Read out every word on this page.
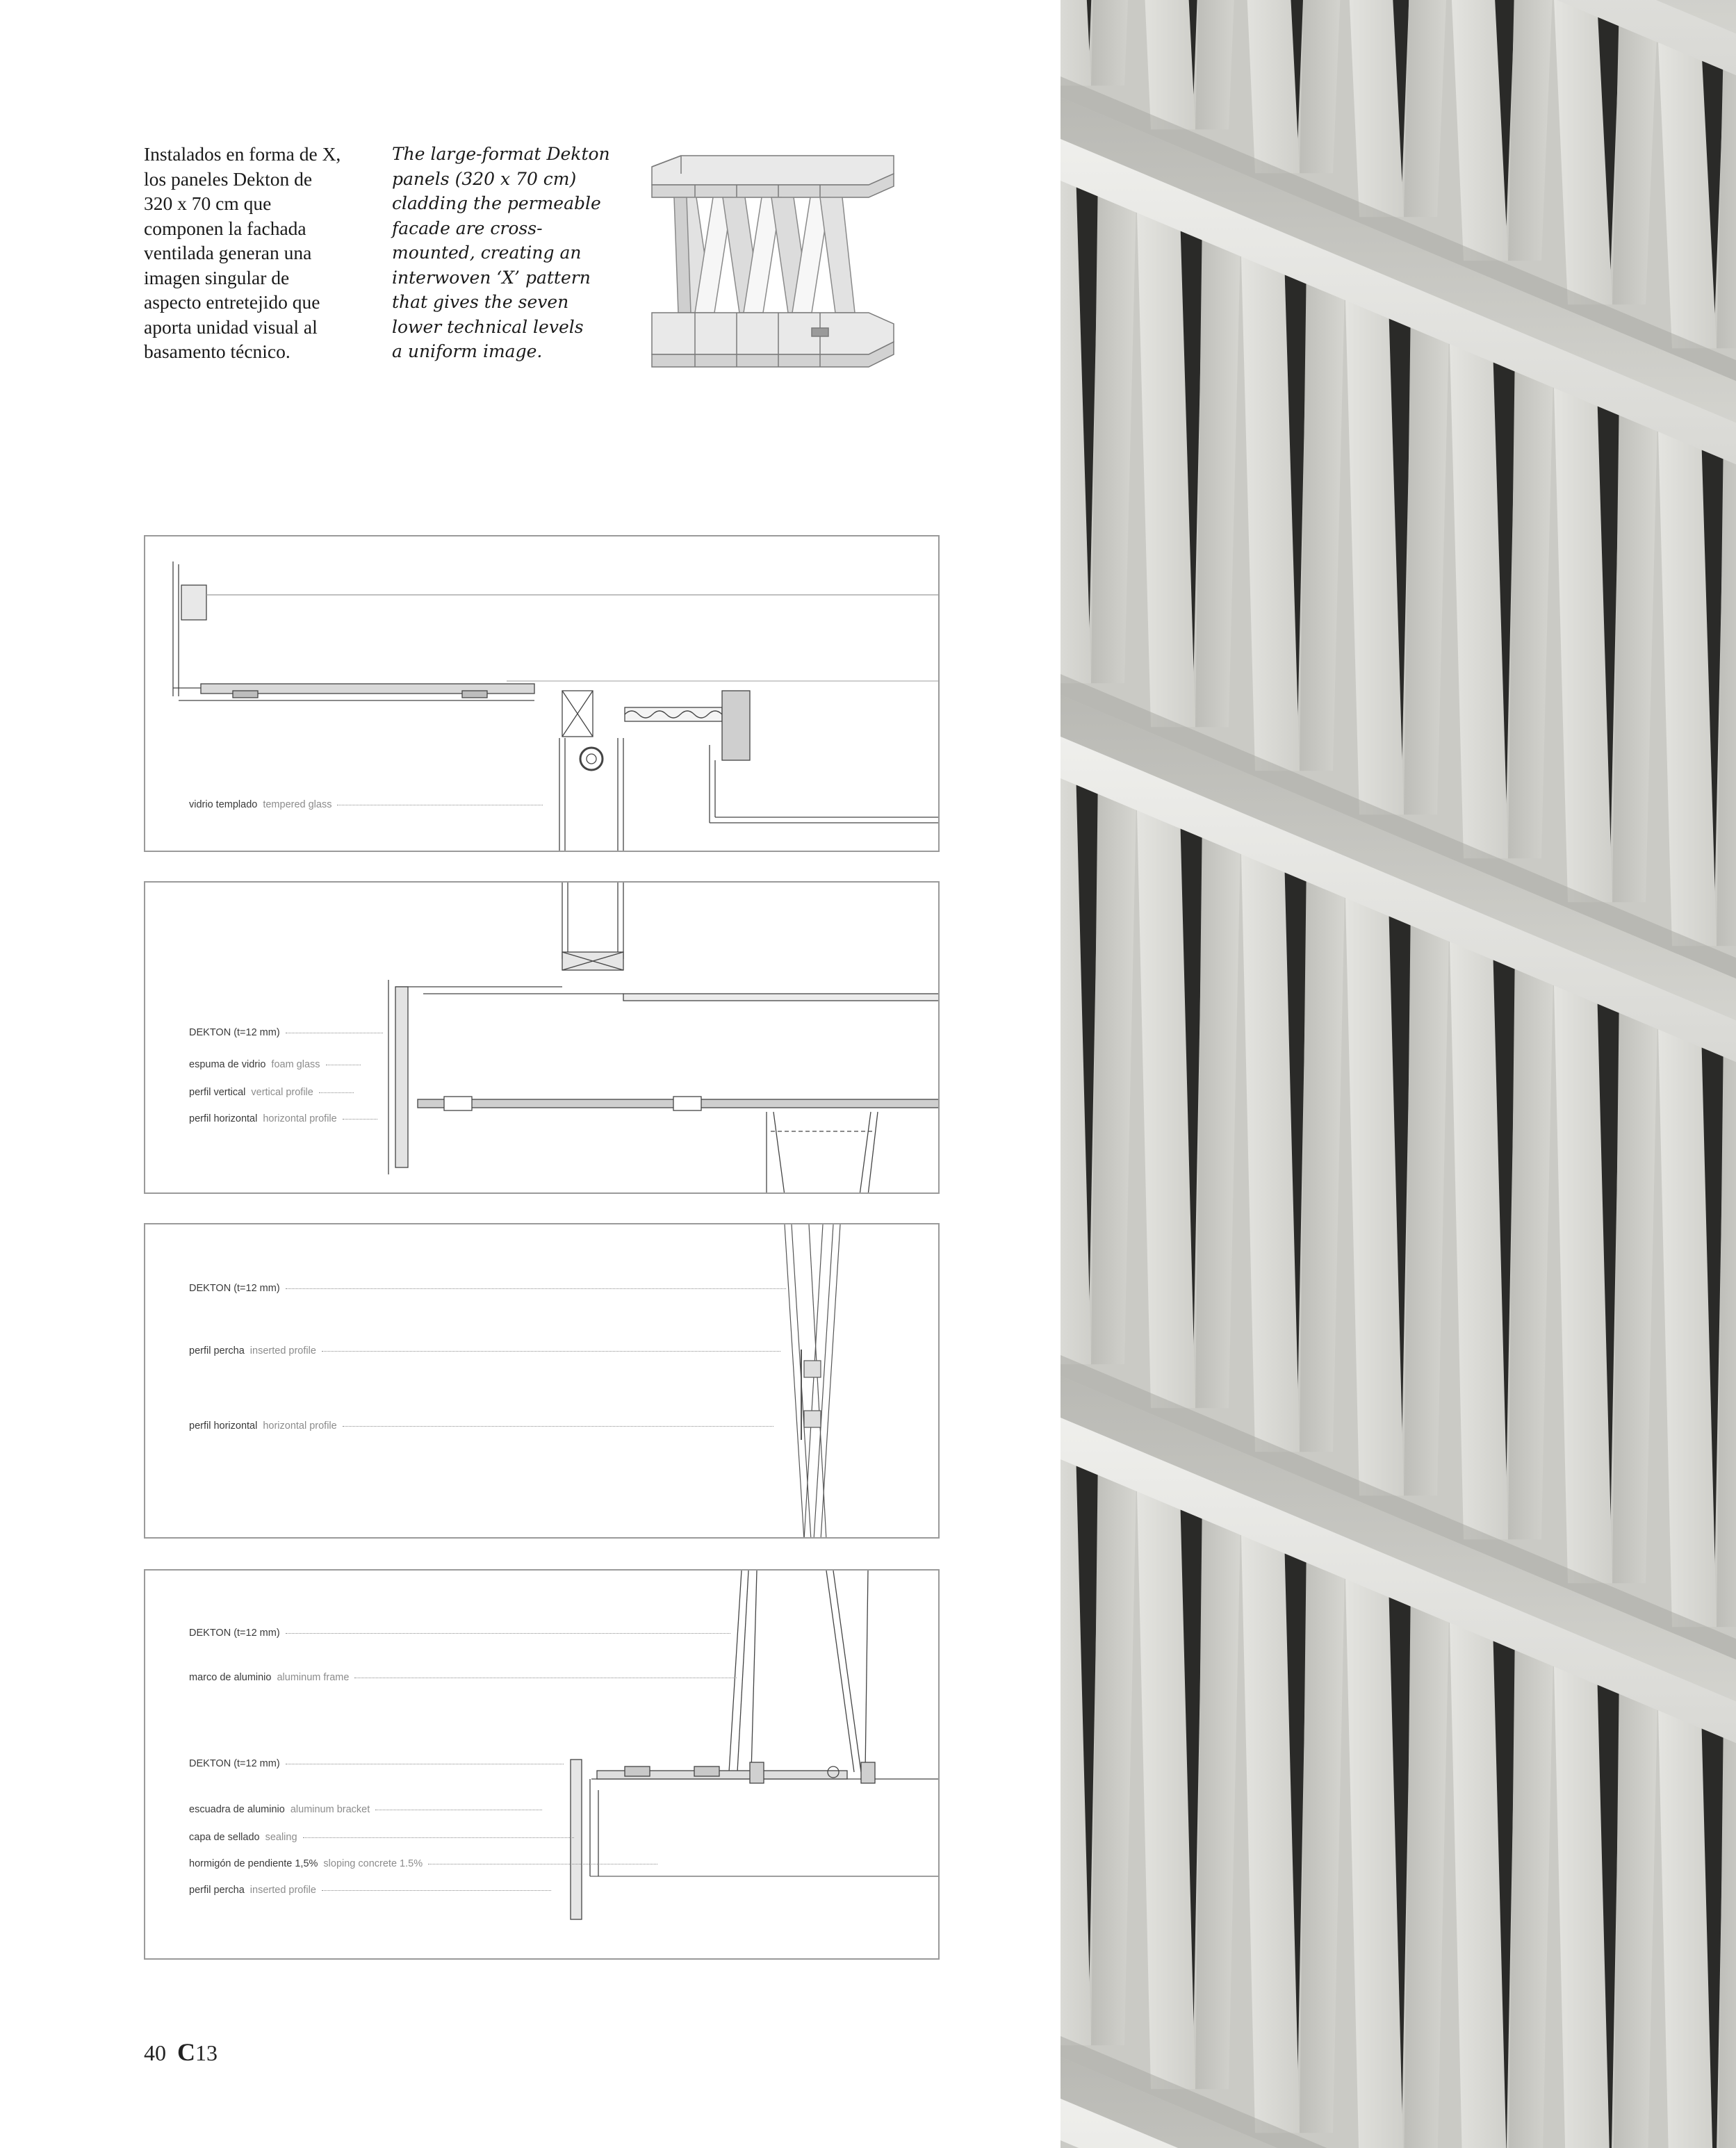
Instalados en forma de X,
los paneles Dekton de
320 x 70 cm que
componen la fachada
ventilada generan una
imagen singular de
aspecto entretejido que
aporta unidad visual al
basamento técnico.
The large-format Dekton
panels (320 x 70 cm)
cladding the permeable
facade are cross-
mounted, creating an
interwoven ‘X’ pattern
that gives the seven
lower technical levels
a uniform image.
vidrio templado tempered glass
DEKTON (t=12 mm)
espuma de vidrio foam glass
perfil vertical vertical profile
perfil horizontal horizontal profile
DEKTON (t=12 mm)
perfil percha inserted profile
perfil horizontal horizontal profile
DEKTON (t=12 mm)
marco de aluminio aluminum frame
DEKTON (t=12 mm)
escuadra de aluminio aluminum bracket
capa de sellado sealing
hormigón de pendiente 1,5% sloping concrete 1.5%
perfil percha inserted profile
40 C13
